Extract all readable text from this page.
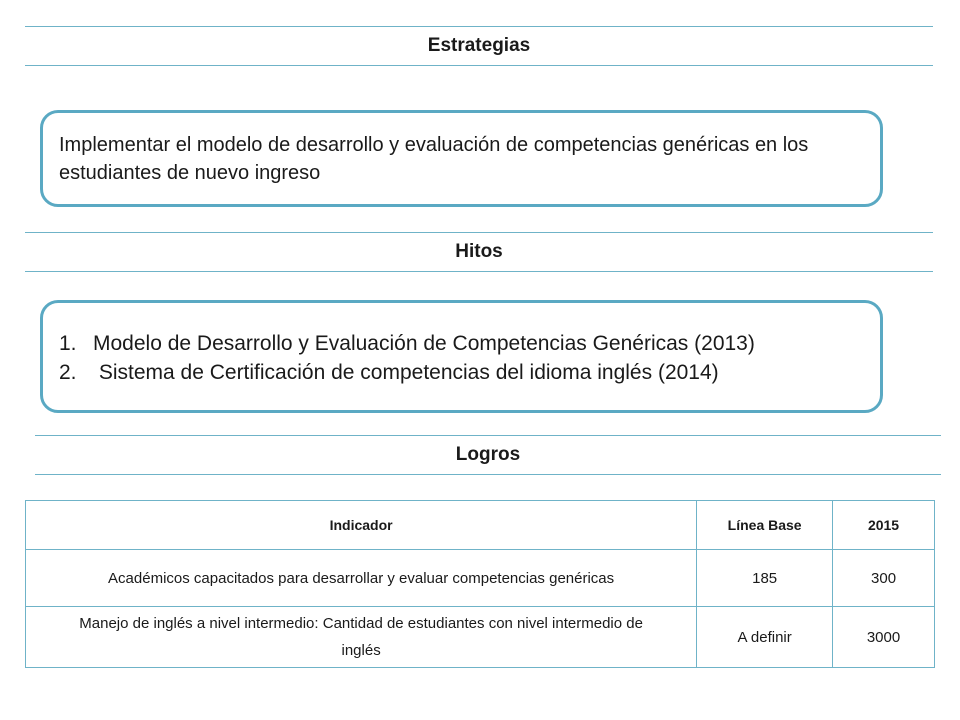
Estrategias
Implementar el modelo de desarrollo y evaluación de competencias genéricas en los estudiantes de nuevo ingreso
Hitos
1. Modelo de Desarrollo y Evaluación de Competencias Genéricas (2013)
2. Sistema de Certificación de competencias del idioma inglés (2014)
Logros
Indicador	Línea Base	2015
Académicos capacitados para desarrollar y evaluar competencias genéricas	185	300
Manejo de inglés a nivel intermedio: Cantidad de estudiantes con nivel intermedio de inglés	A definir	3000
